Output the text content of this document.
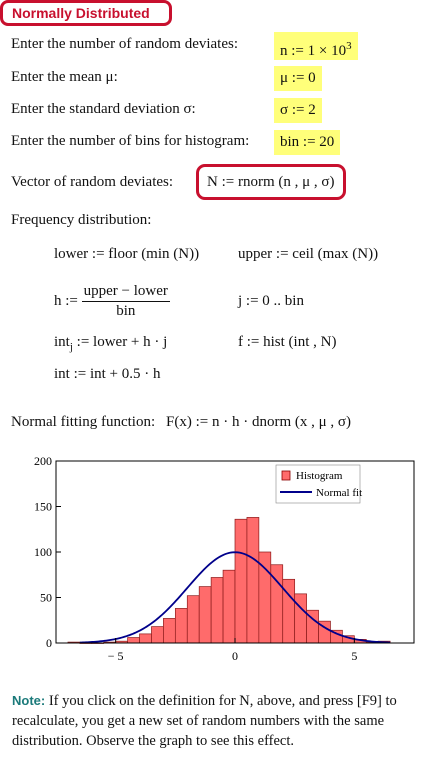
Normally Distributed
Enter the number of random deviates:	n := $1 \times 10^3$
Enter the mean μ:	μ := 0
Enter the standard deviation σ:	σ := 2
Enter the number of bins for histogram:	bin := 20
Vector of random deviates:	N := rnorm (n , μ , σ)
Frequency distribution:
lower := floor (min (N))	upper := ceil (max (N))
h := $\frac{\text{upper − lower}}{\text{bin}}$	j := 0 .. bin
int$_j$ := lower + h · j	f := hist (int , N)
int := int + 0.5 · h
Normal fitting function: F(x) := n · h · dnorm (x , μ , σ)
0
50
100
150
200
− 5	0	5
Histogram
Normal fit
Note: If you click on the definition for N, above, and press [F9] to recalculate, you get a new set of random numbers with the same distribution. Observe the graph to see this effect.
